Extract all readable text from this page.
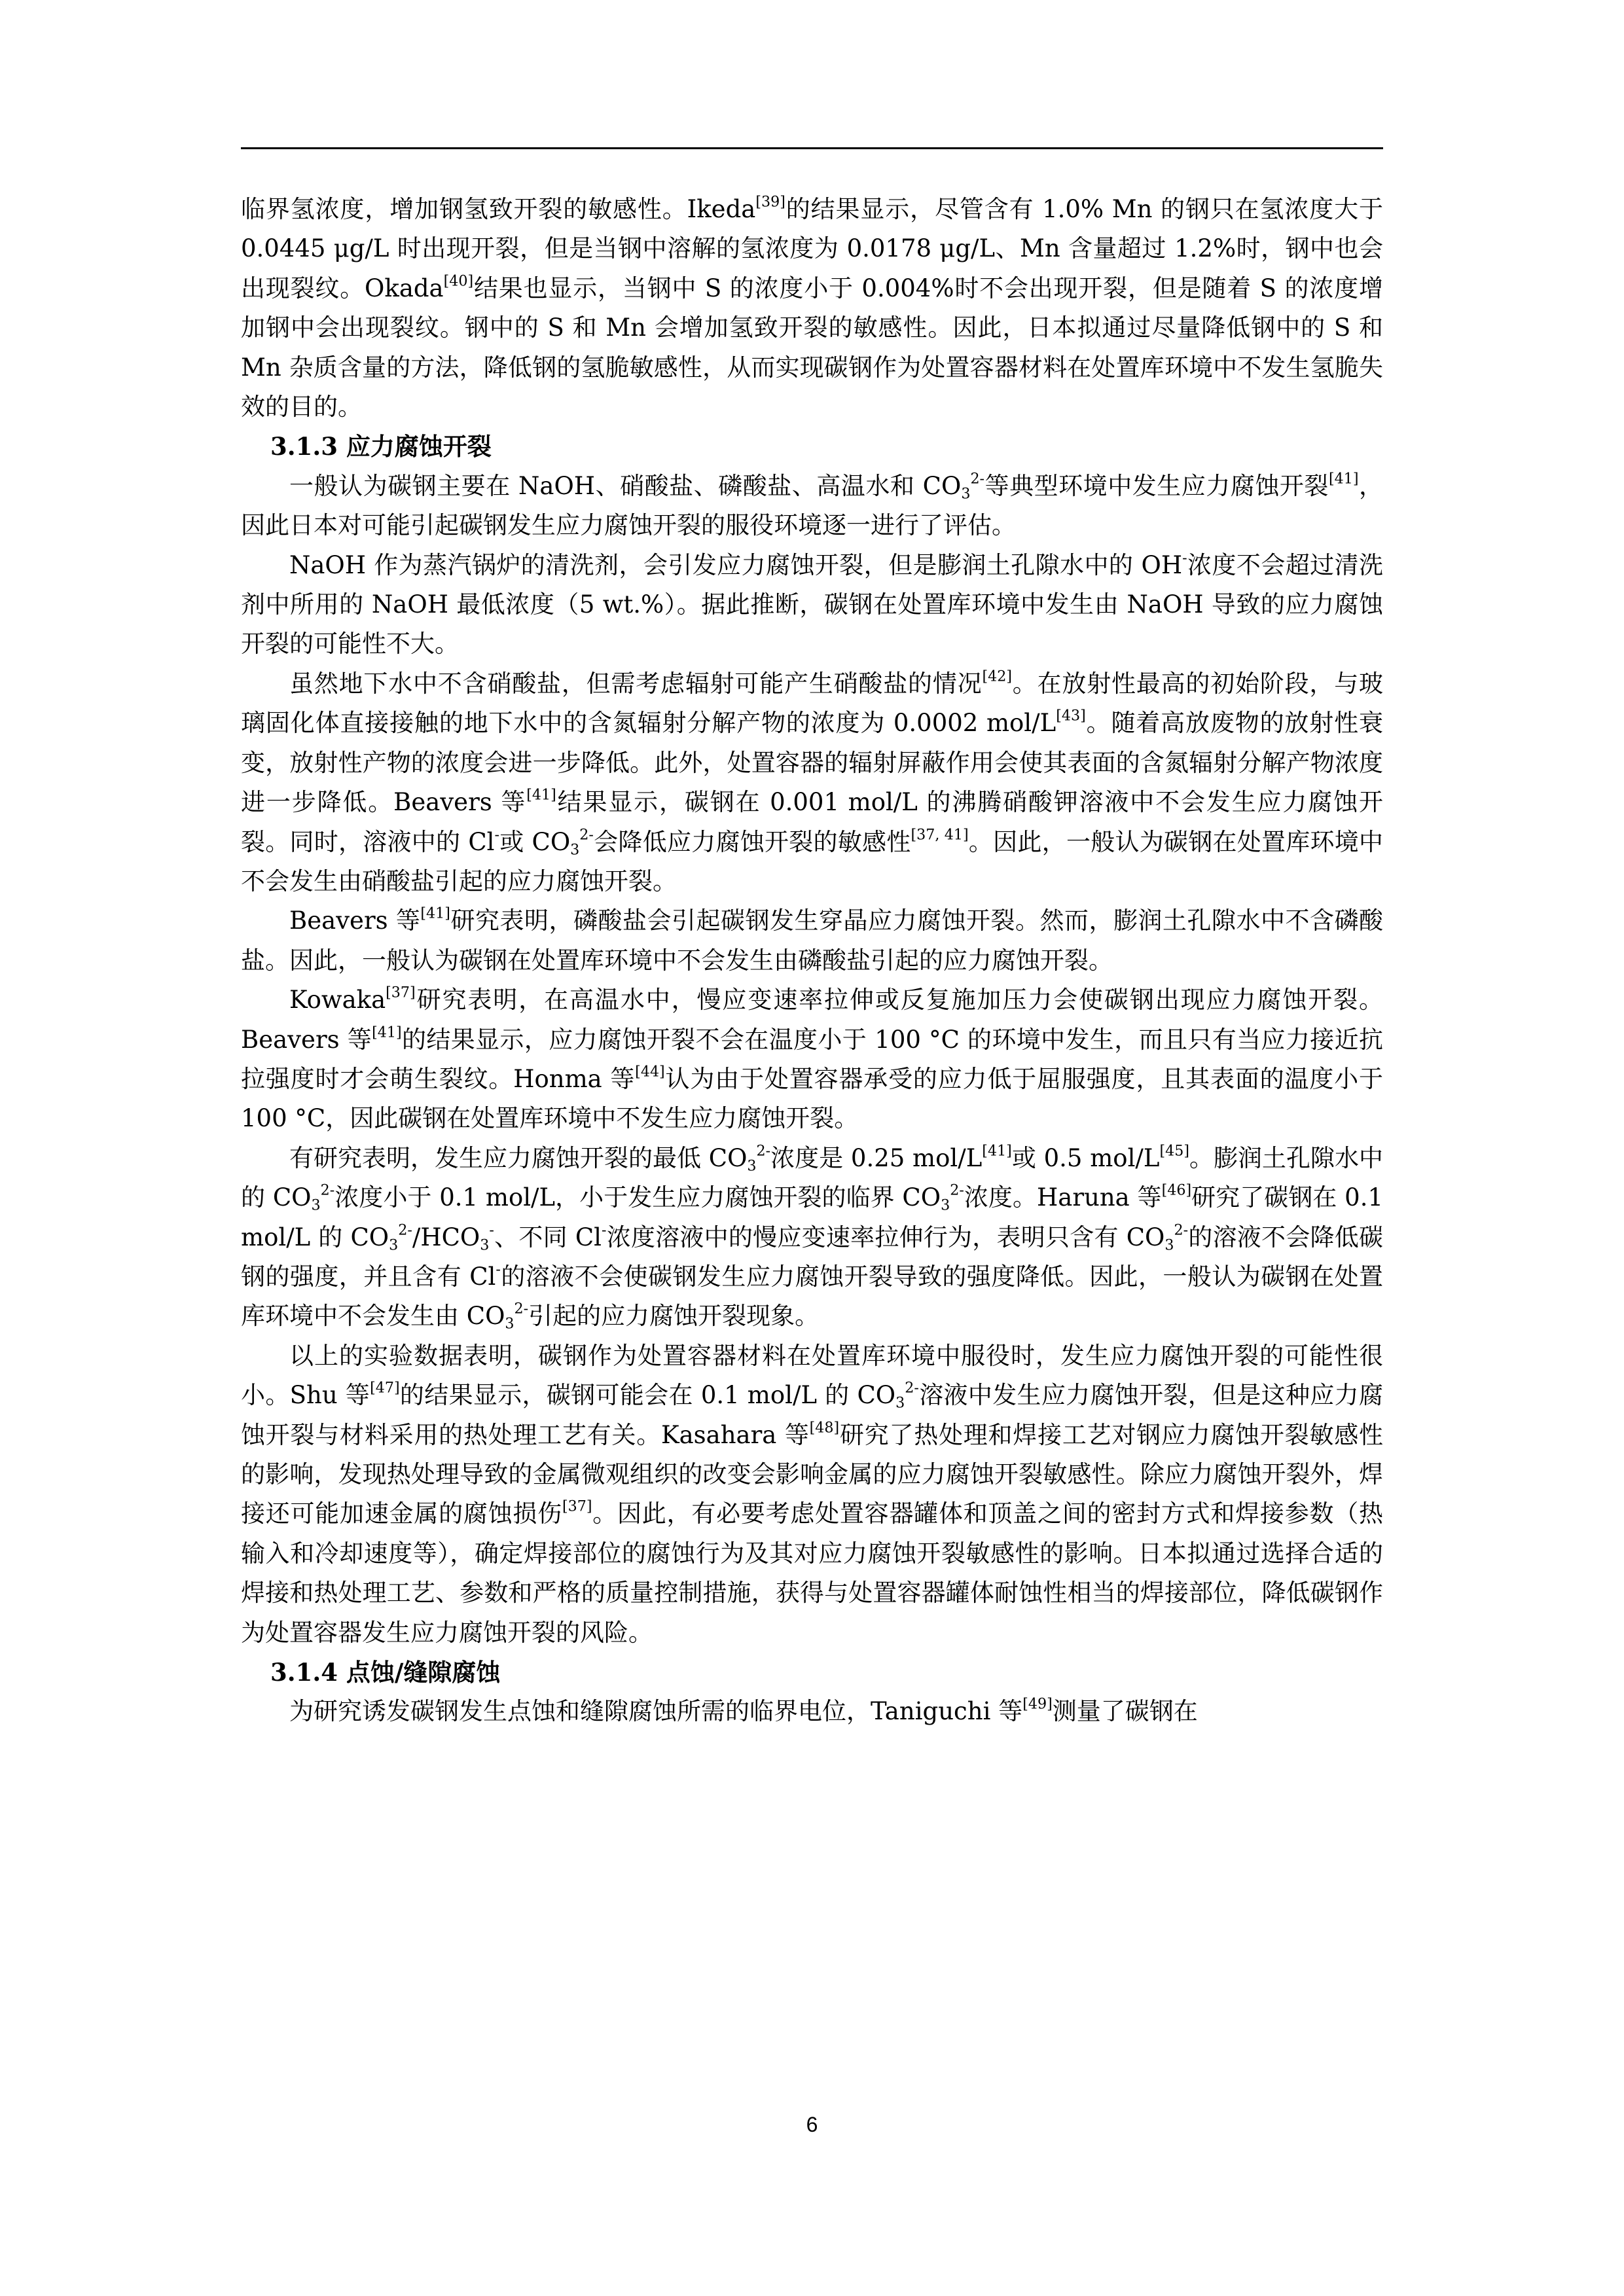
临界氢浓度，增加钢氢致开裂的敏感性。Ikeda[39]的结果显示，尽管含有 1.0% Mn 的钢只在氢浓度大于 0.0445 μg/L 时出现开裂，但是当钢中溶解的氢浓度为 0.0178 μg/L、Mn 含量超过 1.2%时，钢中也会出现裂纹。Okada[40]结果也显示，当钢中 S 的浓度小于 0.004%时不会出现开裂，但是随着 S 的浓度增加钢中会出现裂纹。钢中的 S 和 Mn 会增加氢致开裂的敏感性。因此，日本拟通过尽量降低钢中的 S 和 Mn 杂质含量的方法，降低钢的氢脆敏感性，从而实现碳钢作为处置容器材料在处置库环境中不发生氢脆失效的目的。

3.1.3 应力腐蚀开裂

一般认为碳钢主要在 NaOH、硝酸盐、磷酸盐、高温水和 $CO_3^{2-}$等典型环境中发生应力腐蚀开裂[41]，因此日本对可能引起碳钢发生应力腐蚀开裂的服役环境逐一进行了评估。

NaOH 作为蒸汽锅炉的清洗剂，会引发应力腐蚀开裂，但是膨润土孔隙水中的 OH-浓度不会超过清洗剂中所用的 NaOH 最低浓度（5 wt.%）。据此推断，碳钢在处置库环境中发生由 NaOH 导致的应力腐蚀开裂的可能性不大。

虽然地下水中不含硝酸盐，但需考虑辐射可能产生硝酸盐的情况[42]。在放射性最高的初始阶段，与玻璃固化体直接接触的地下水中的含氮辐射分解产物的浓度为 0.0002 mol/L[43]。随着高放废物的放射性衰变，放射性产物的浓度会进一步降低。此外，处置容器的辐射屏蔽作用会使其表面的含氮辐射分解产物浓度进一步降低。Beavers 等[41]结果显示，碳钢在 0.001 mol/L 的沸腾硝酸钾溶液中不会发生应力腐蚀开裂。同时，溶液中的 Cl-或 $CO_3^{2-}$会降低应力腐蚀开裂的敏感性[37, 41]。因此，一般认为碳钢在处置库环境中不会发生由硝酸盐引起的应力腐蚀开裂。

Beavers 等[41]研究表明，磷酸盐会引起碳钢发生穿晶应力腐蚀开裂。然而，膨润土孔隙水中不含磷酸盐。因此，一般认为碳钢在处置库环境中不会发生由磷酸盐引起的应力腐蚀开裂。

Kowaka[37]研究表明，在高温水中，慢应变速率拉伸或反复施加压力会使碳钢出现应力腐蚀开裂。Beavers 等[41]的结果显示，应力腐蚀开裂不会在温度小于 100 °C 的环境中发生，而且只有当应力接近抗拉强度时才会萌生裂纹。Honma 等[44]认为由于处置容器承受的应力低于屈服强度，且其表面的温度小于 100 °C，因此碳钢在处置库环境中不发生应力腐蚀开裂。

有研究表明，发生应力腐蚀开裂的最低 $CO_3^{2-}$浓度是 0.25 mol/L[41]或 0.5 mol/L[45]。膨润土孔隙水中的 $CO_3^{2-}$浓度小于 0.1 mol/L，小于发生应力腐蚀开裂的临界 $CO_3^{2-}$浓度。Haruna 等[46]研究了碳钢在 0.1 mol/L 的 $CO_3^{2-}/HCO_3^-$、不同 Cl-浓度溶液中的慢应变速率拉伸行为，表明只含有 $CO_3^{2-}$的溶液不会降低碳钢的强度，并且含有 Cl-的溶液不会使碳钢发生应力腐蚀开裂导致的强度降低。因此，一般认为碳钢在处置库环境中不会发生由 $CO_3^{2-}$引起的应力腐蚀开裂现象。

以上的实验数据表明，碳钢作为处置容器材料在处置库环境中服役时，发生应力腐蚀开裂的可能性很小。Shu 等[47]的结果显示，碳钢可能会在 0.1 mol/L 的 $CO_3^{2-}$溶液中发生应力腐蚀开裂，但是这种应力腐蚀开裂与材料采用的热处理工艺有关。Kasahara 等[48]研究了热处理和焊接工艺对钢应力腐蚀开裂敏感性的影响，发现热处理导致的金属微观组织的改变会影响金属的应力腐蚀开裂敏感性。除应力腐蚀开裂外，焊接还可能加速金属的腐蚀损伤[37]。因此，有必要考虑处置容器罐体和顶盖之间的密封方式和焊接参数（热输入和冷却速度等），确定焊接部位的腐蚀行为及其对应力腐蚀开裂敏感性的影响。日本拟通过选择合适的焊接和热处理工艺、参数和严格的质量控制措施，获得与处置容器罐体耐蚀性相当的焊接部位，降低碳钢作为处置容器发生应力腐蚀开裂的风险。

3.1.4 点蚀/缝隙腐蚀

为研究诱发碳钢发生点蚀和缝隙腐蚀所需的临界电位，Taniguchi 等[49]测量了碳钢在

6
